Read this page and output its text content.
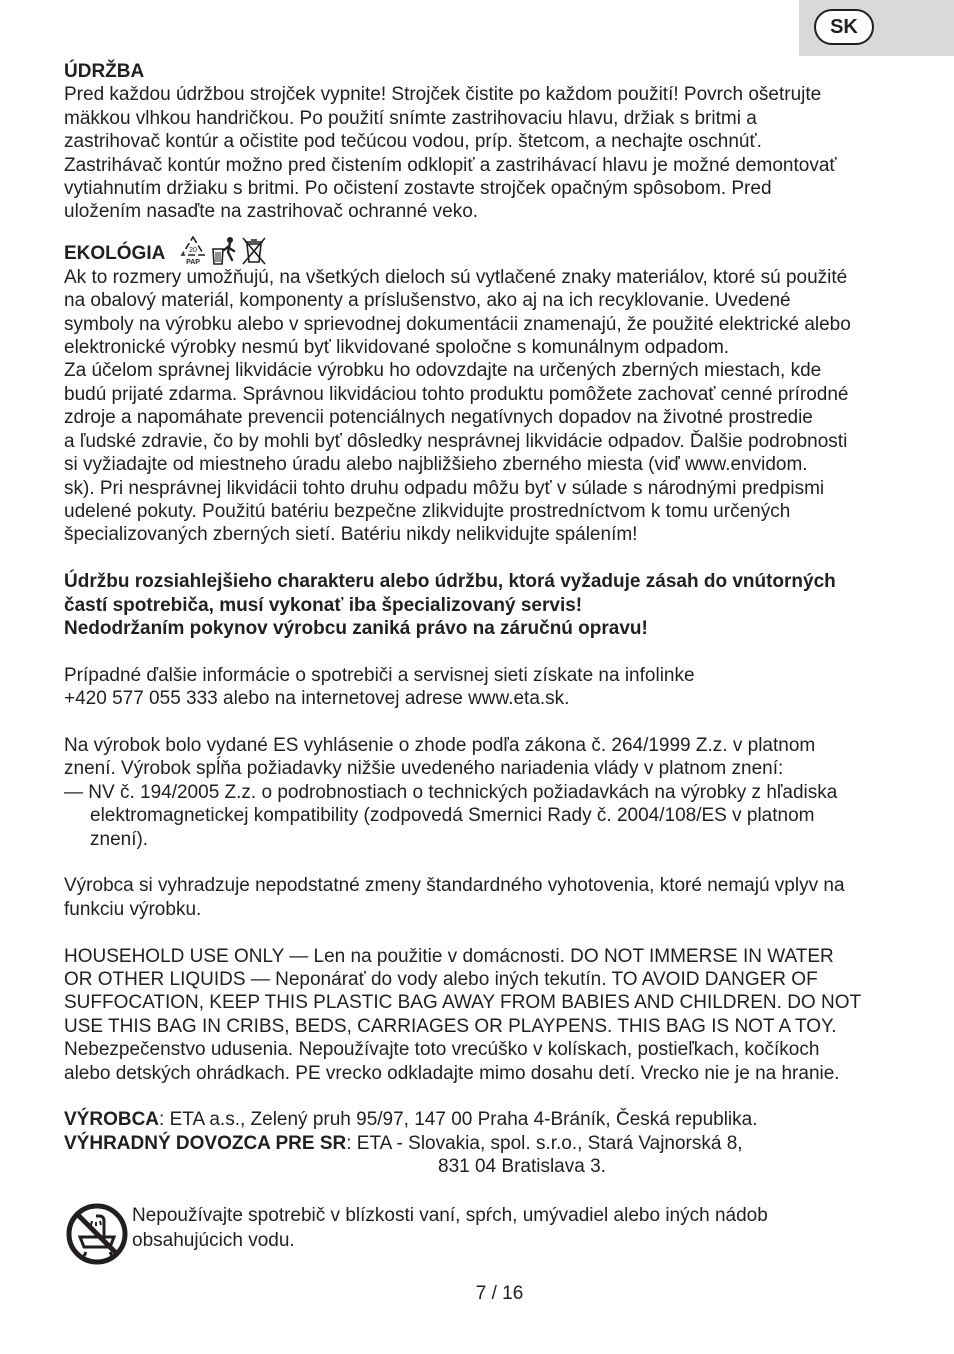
SK

ÚDRŽBA

Pred každou údržbou strojček vypnite! Strojček čistite po každom použití! Povrch ošetrujte

mäkkou vlhkou handričkou. Po použití snímte zastrihovaciu hlavu, držiak s britmi a

zastrihovač kontúr a očistite pod tečúcou vodou, príp. štetcom, a nechajte oschnúť.

Zastrihávač kontúr možno pred čistením odklopiť a zastrihávací hlavu je možné demontovať

vytiahnutím držiaku s britmi. Po očistení zostavte strojček opačným spôsobom. Pred

uložením nasaďte na zastrihovač ochranné veko.

EKOLÓGIA	20
PAP

Ak to rozmery umožňujú, na všetkých dieloch sú vytlačené znaky materiálov, ktoré sú použité

na obalový materiál, komponenty a príslušenstvo, ako aj na ich recyklovanie. Uvedené

symboly na výrobku alebo v sprievodnej dokumentácii znamenajú, že použité elektrické alebo

elektronické výrobky nesmú byť likvidované spoločne s komunálnym odpadom.

Za účelom správnej likvidácie výrobku ho odovzdajte na určených zberných miestach, kde

budú prijaté zdarma. Správnou likvidáciou tohto produktu pomôžete zachovať cenné prírodné

zdroje a napomáhate prevencii potenciálnych negatívnych dopadov na životné prostredie

a ľudské zdravie, čo by mohli byť dôsledky nesprávnej likvidácie odpadov. Ďalšie podrobnosti

si vyžiadajte od miestneho úradu alebo najbližšieho zberného miesta (viď www.envidom.

sk). Pri nesprávnej likvidácii tohto druhu odpadu môžu byť v súlade s národnými predpismi

udelené pokuty. Použitú batériu bezpečne zlikvidujte prostredníctvom k tomu určených

špecializovaných zberných sietí. Batériu nikdy nelikvidujte spálením!

Údržbu rozsiahlejšieho charakteru alebo údržbu, ktorá vyžaduje zásah do vnútorných

častí spotrebiča, musí vykonať iba špecializovaný servis!

Nedodržaním pokynov výrobcu zaniká právo na záručnú opravu!

Prípadné ďalšie informácie o spotrebiči a servisnej sieti získate na infolinke

+420 577 055 333 alebo na internetovej adrese www.eta.sk.

Na výrobok bolo vydané ES vyhlásenie o zhode podľa zákona č. 264/1999 Z.z. v platnom

znení. Výrobok spĺňa požiadavky nižšie uvedeného nariadenia vlády v platnom znení:

— NV č. 194/2005 Z.z. o podrobnostiach o technických požiadavkách na výrobky z hľadiska

elektromagnetickej kompatibility (zodpovedá Smernici Rady č. 2004/108/ES v platnom

znení).

Výrobca si vyhradzuje nepodstatné zmeny štandardného vyhotovenia, ktoré nemajú vplyv na

funkciu výrobku.

HOUSEHOLD USE ONLY — Len na použitie v domácnosti. DO NOT IMMERSE IN WATER

OR OTHER LIQUIDS — Neponárať do vody alebo iných tekutín. TO AVOID DANGER OF

SUFFOCATION, KEEP THIS PLASTIC BAG AWAY FROM BABIES AND CHILDREN. DO NOT

USE THIS BAG IN CRIBS, BEDS, CARRIAGES OR PLAYPENS. THIS BAG IS NOT A TOY.

Nebezpečenstvo udusenia. Nepoužívajte toto vrecúško v kolískach, postieľkach, kočíkoch

alebo detských ohrádkach. PE vrecko odkladajte mimo dosahu detí. Vrecko nie je na hranie.

VÝROBCA: ETA a.s., Zelený pruh 95/97, 147 00 Praha 4-Bráník, Česká republika.

VÝHRADNÝ DOVOZCA PRE SR: ETA - Slovakia, spol. s.r.o., Stará Vajnorská 8,

831 04 Bratislava 3.

Nepoužívajte spotrebič v blízkosti vaní, spŕch, umývadiel alebo iných nádob
obsahujúcich vodu.
7 / 16
